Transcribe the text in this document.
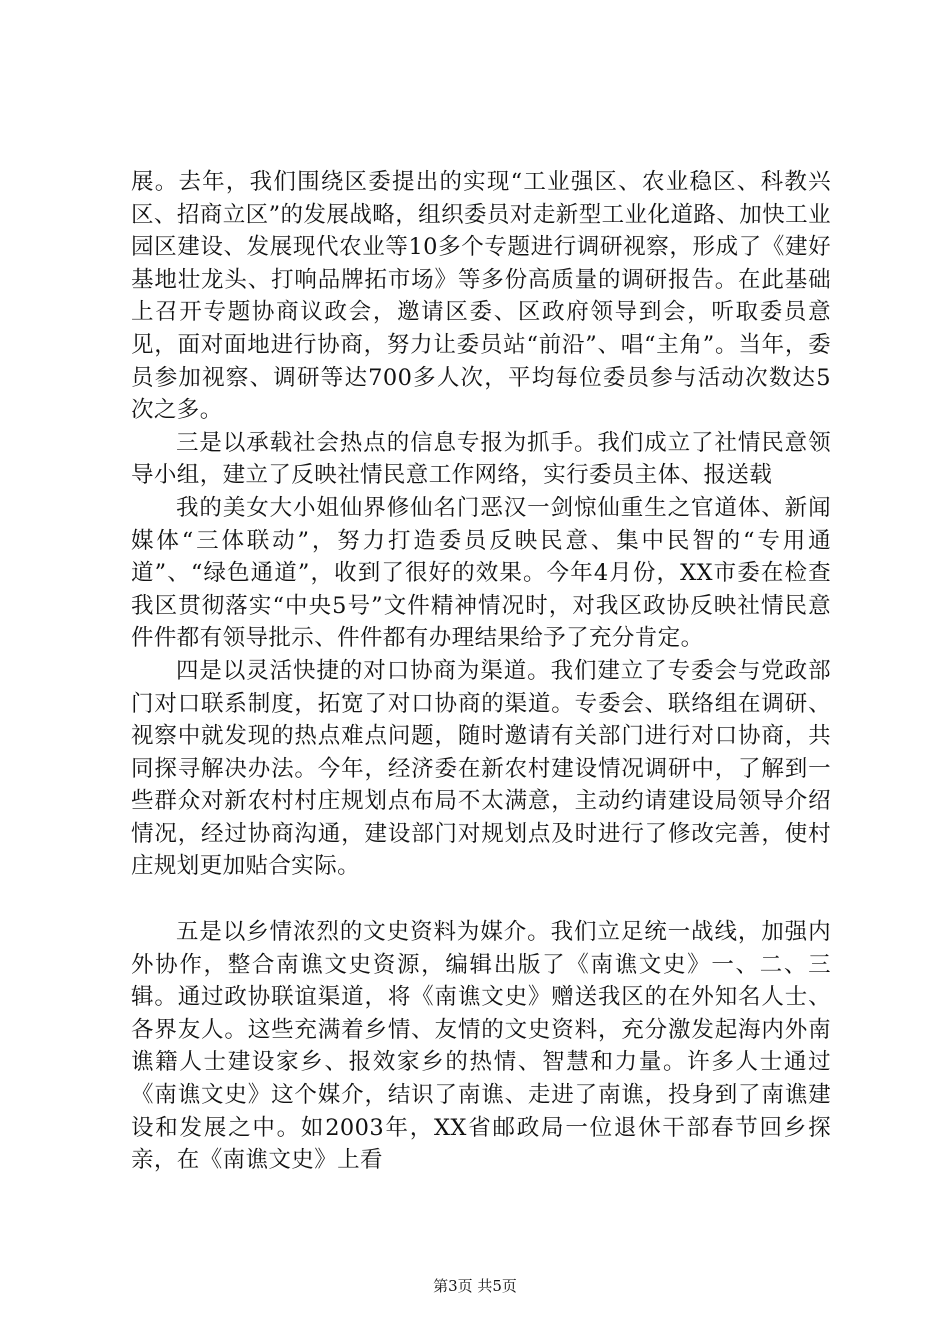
展。去年，我们围绕区委提出的实现“工业强区、农业稳区、科教兴区、招商立区”的发展战略，组织委员对走新型工业化道路、加快工业园区建设、发展现代农业等10多个专题进行调研视察，形成了《建好基地壮龙头、打响品牌拓市场》等多份高质量的调研报告。在此基础上召开专题协商议政会，邀请区委、区政府领导到会，听取委员意见，面对面地进行协商，努力让委员站“前沿”、唱“主角”。当年，委员参加视察、调研等达700多人次，平均每位委员参与活动次数达5次之多。

三是以承载社会热点的信息专报为抓手。我们成立了社情民意领导小组，建立了反映社情民意工作网络，实行委员主体、报送载

我的美女大小姐仙界修仙名门恶汉一剑惊仙重生之官道体、新闻媒体“三体联动”，努力打造委员反映民意、集中民智的“专用通道”、“绿色通道”，收到了很好的效果。今年4月份，XX市委在检查我区贯彻落实“中央5号”文件精神情况时，对我区政协反映社情民意件件都有领导批示、件件都有办理结果给予了充分肯定。

四是以灵活快捷的对口协商为渠道。我们建立了专委会与党政部门对口联系制度，拓宽了对口协商的渠道。专委会、联络组在调研、视察中就发现的热点难点问题，随时邀请有关部门进行对口协商，共同探寻解决办法。今年，经济委在新农村建设情况调研中，了解到一些群众对新农村村庄规划点布局不太满意，主动约请建设局领导介绍情况，经过协商沟通，建设部门对规划点及时进行了修改完善，使村庄规划更加贴合实际。

五是以乡情浓烈的文史资料为媒介。我们立足统一战线，加强内外协作，整合南谯文史资源，编辑出版了《南谯文史》一、二、三辑。通过政协联谊渠道，将《南谯文史》赠送我区的在外知名人士、各界友人。这些充满着乡情、友情的文史资料，充分激发起海内外南谯籍人士建设家乡、报效家乡的热情、智慧和力量。许多人士通过《南谯文史》这个媒介，结识了南谯、走进了南谯，投身到了南谯建设和发展之中。如2003年，XX省邮政局一位退休干部春节回乡探亲，在《南谯文史》上看

第3页 共5页
